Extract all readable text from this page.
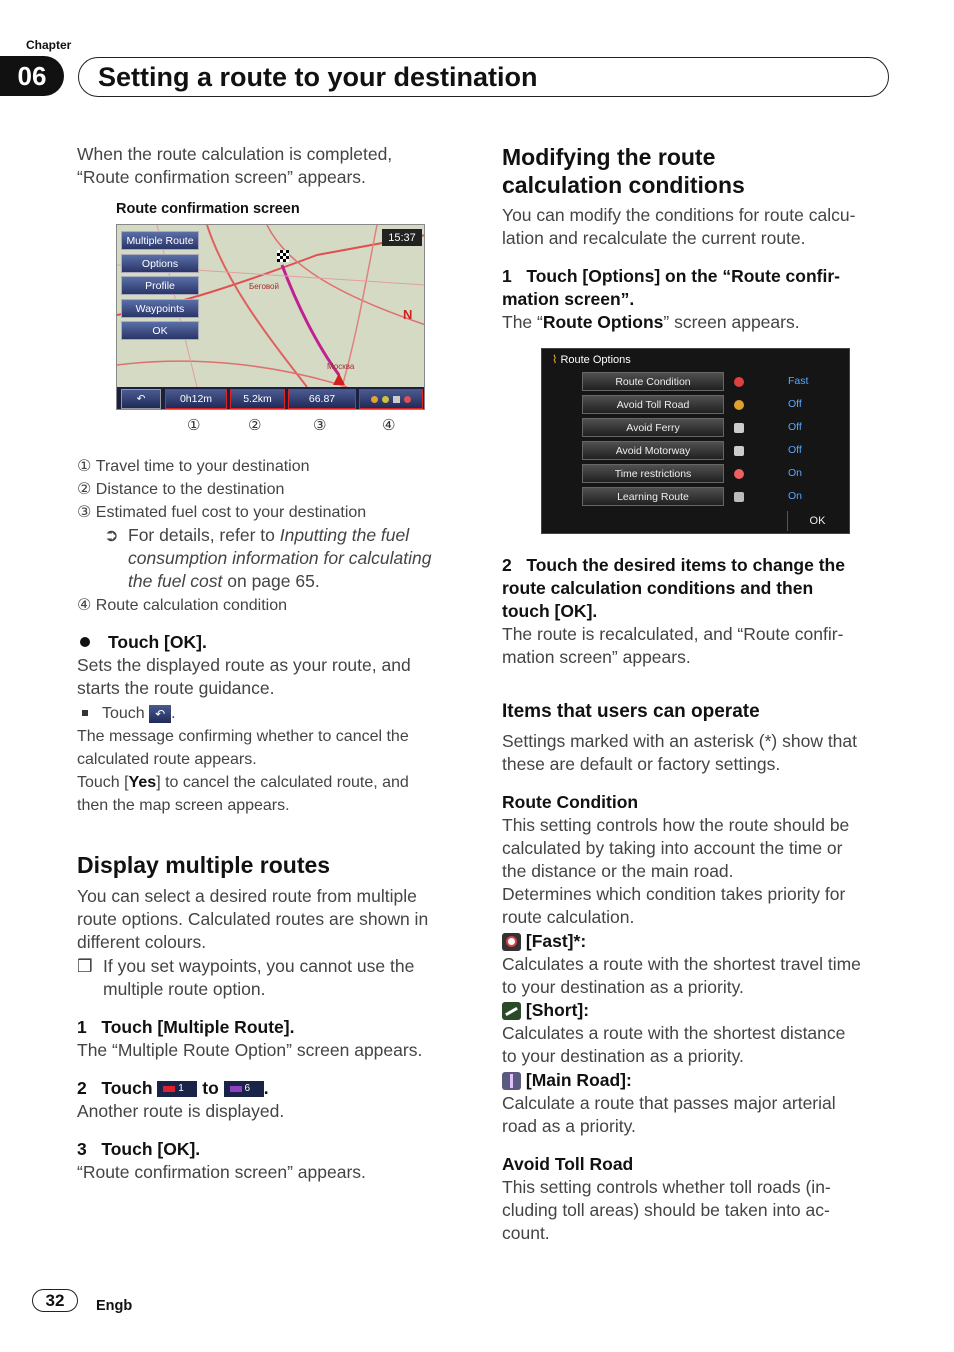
Chapter
06	Setting a route to your destination
When the route calculation is completed,
“Route confirmation screen” appears.
Route confirmation screen
Multiple Route
Options
Profile
Waypoints
OK
15:37
Беговой
Москва
N
↶	0h12m	5.2km	66.87
①	②	③	④
① Travel time to your destination
② Distance to the destination
③ Estimated fuel cost to your destination
➲ For details, refer to Inputting the fuel
consumption information for calculating
the fuel cost on page 65.
④ Route calculation condition
Touch [OK].
Sets the displayed route as your route, and
starts the route guidance.
Touch ↶ .
The message confirming whether to cancel the
calculated route appears.
Touch [Yes] to cancel the calculated route, and
then the map screen appears.
Display multiple routes
You can select a desired route from multiple
route options. Calculated routes are shown in
different colours.
❒ If you set waypoints, you cannot use the
multiple route option.
1 Touch [Multiple Route].
The “Multiple Route Option” screen appears.
2 Touch	1 to	6 .
Another route is displayed.
3 Touch [OK].
“Route confirmation screen” appears.
Modifying the route
calculation conditions
You can modify the conditions for route calcu-
lation and recalculate the current route.
1 Touch [Options] on the “Route confir-
mation screen”.
The “Route Options” screen appears.
⌇ Route Options
Route Condition	Fast
Avoid Toll Road	Off
Avoid Ferry	Off
Avoid Motorway	Off
Time restrictions	On
Learning Route	On
OK
2 Touch the desired items to change the
route calculation conditions and then
touch [OK].
The route is recalculated, and “Route confir-
mation screen” appears.
Items that users can operate
Settings marked with an asterisk (*) show that
these are default or factory settings.
Route Condition
This setting controls how the route should be
calculated by taking into account the time or
the distance or the main road.
Determines which condition takes priority for
route calculation.
[Fast]*:
Calculates a route with the shortest travel time
to your destination as a priority.
[Short]:
Calculates a route with the shortest distance
to your destination as a priority.
[Main Road]:
Calculate a route that passes major arterial
road as a priority.
Avoid Toll Road
This setting controls whether toll roads (in-
cluding toll areas) should be taken into ac-
count.
32	Engb
